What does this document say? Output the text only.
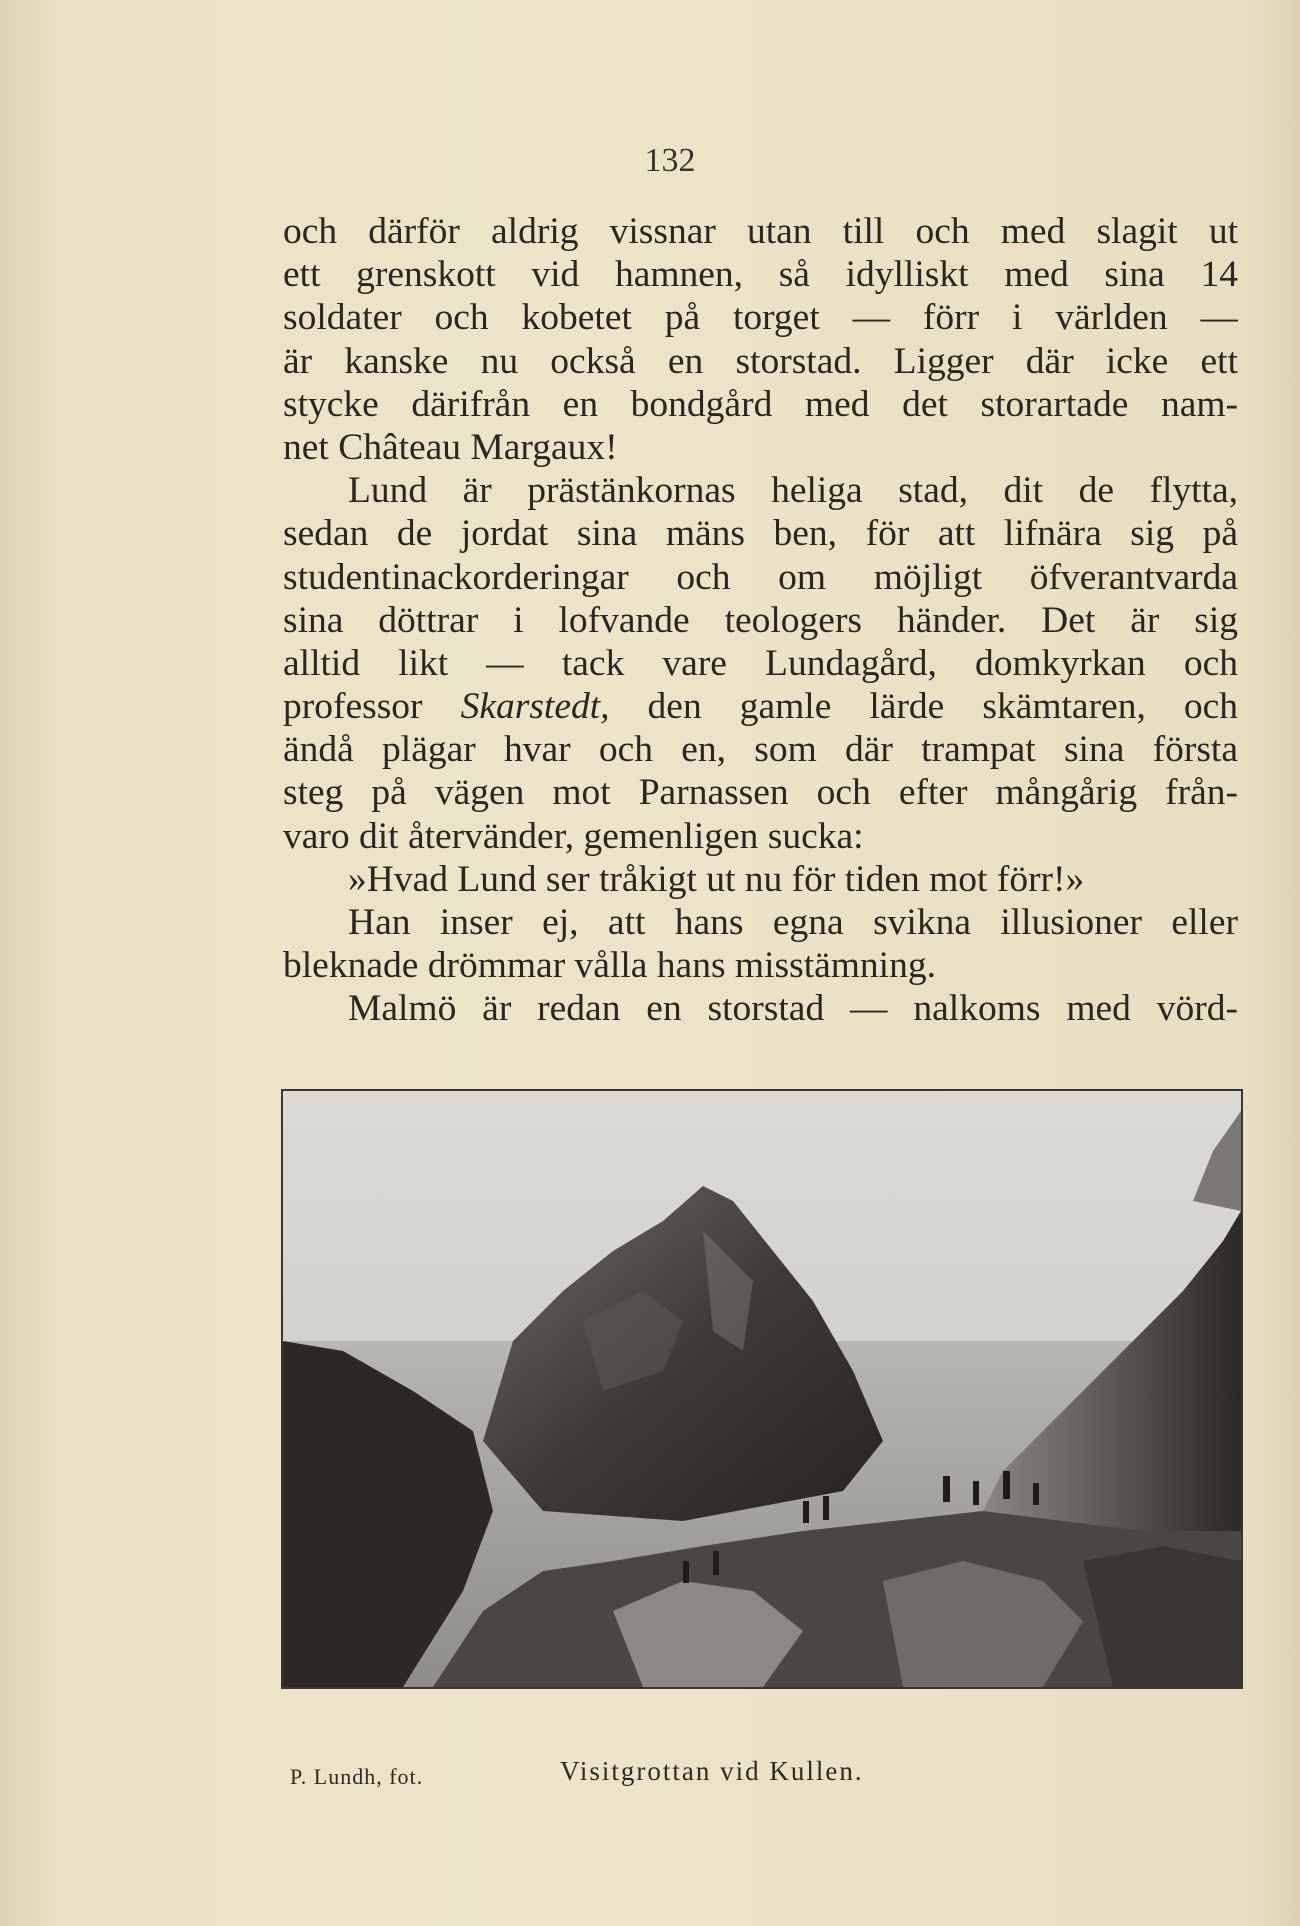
132
och därför aldrig vissnar utan till och med slagit ut
ett grenskott vid hamnen, så idylliskt med sina 14
soldater och kobetet på torget — förr i världen —
är kanske nu också en storstad. Ligger där icke ett
stycke därifrån en bondgård med det storartade nam-
net Château Margaux!
Lund är prästänkornas heliga stad, dit de flytta,
sedan de jordat sina mäns ben, för att lifnära sig på
studentinackorderingar och om möjligt öfverantvarda
sina döttrar i lofvande teologers händer. Det är sig
alltid likt — tack vare Lundagård, domkyrkan och
professor Skarstedt, den gamle lärde skämtaren, och
ändå plägar hvar och en, som där trampat sina första
steg på vägen mot Parnassen och efter mångårig från-
varo dit återvänder, gemenligen sucka:
»Hvad Lund ser tråkigt ut nu för tiden mot förr!»
Han inser ej, att hans egna svikna illusioner eller
bleknade drömmar vålla hans misstämning.
Malmö är redan en storstad — nalkoms med vörd-
P. Lundh, fot.	Visitgrottan vid Kullen.
